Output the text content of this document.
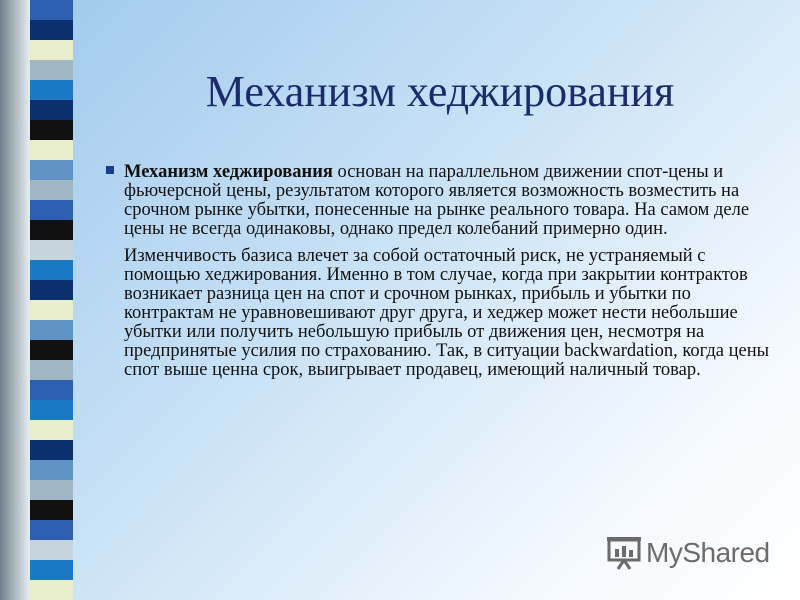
Механизм хеджирования

Механизм хеджирования основан на параллельном движении спот-цены и фьючерсной цены, результатом которого является возможность возместить на срочном рынке убытки, понесенные на рынке реального товара. На самом деле цены не всегда одинаковы, однако предел колебаний примерно один.

Изменчивость базиса влечет за собой остаточный риск, не устраняемый с помощью хеджирования. Именно в том случае, когда при закрытии контрактов возникает разница цен на спот и срочном рынках, прибыль и убытки по контрактам не уравновешивают друг друга, и хеджер может нести небольшие убытки или получить небольшую прибыль от движения цен, несмотря на предпринятые усилия по страхованию. Так, в ситуации backwardation, когда цены спот выше ценна срок, выигрывает продавец, имеющий наличный товар.

MyShared
